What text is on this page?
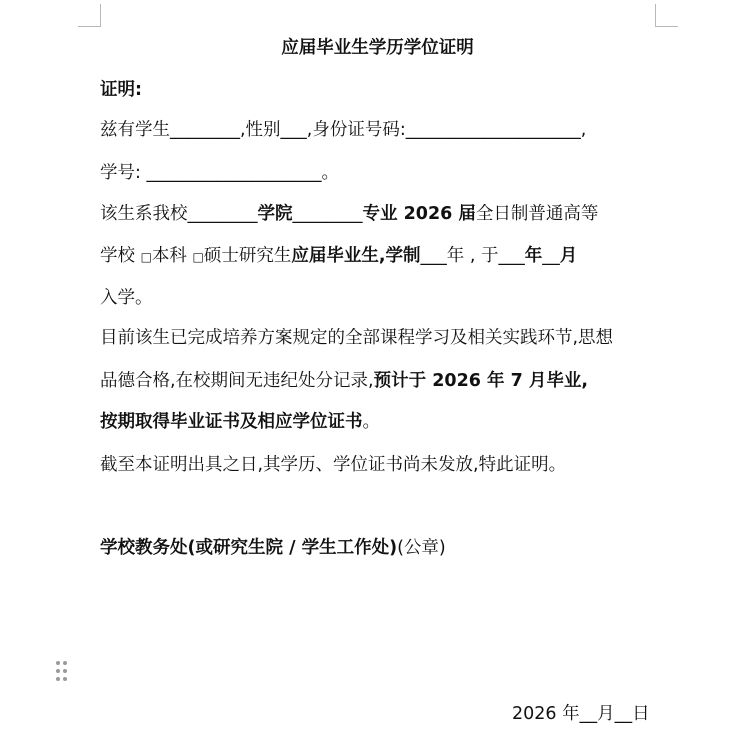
应届毕业生学历学位证明
证明:
兹有学生________,性别___,身份证号码:____________________,
学号: ____________________。
该生系我校________学院________专业 2026 届全日制普通高等
学校 □本科 □硕士研究生应届毕业生,学制___年 , 于___年__月
入学。
目前该生已完成培养方案规定的全部课程学习及相关实践环节,思想
品德合格,在校期间无违纪处分记录,预计于 2026 年 7 月毕业,
按期取得毕业证书及相应学位证书。
截至本证明出具之日,其学历、学位证书尚未发放,特此证明。
学校教务处(或研究生院 / 学生工作处)(公章)
2026 年__月__日
